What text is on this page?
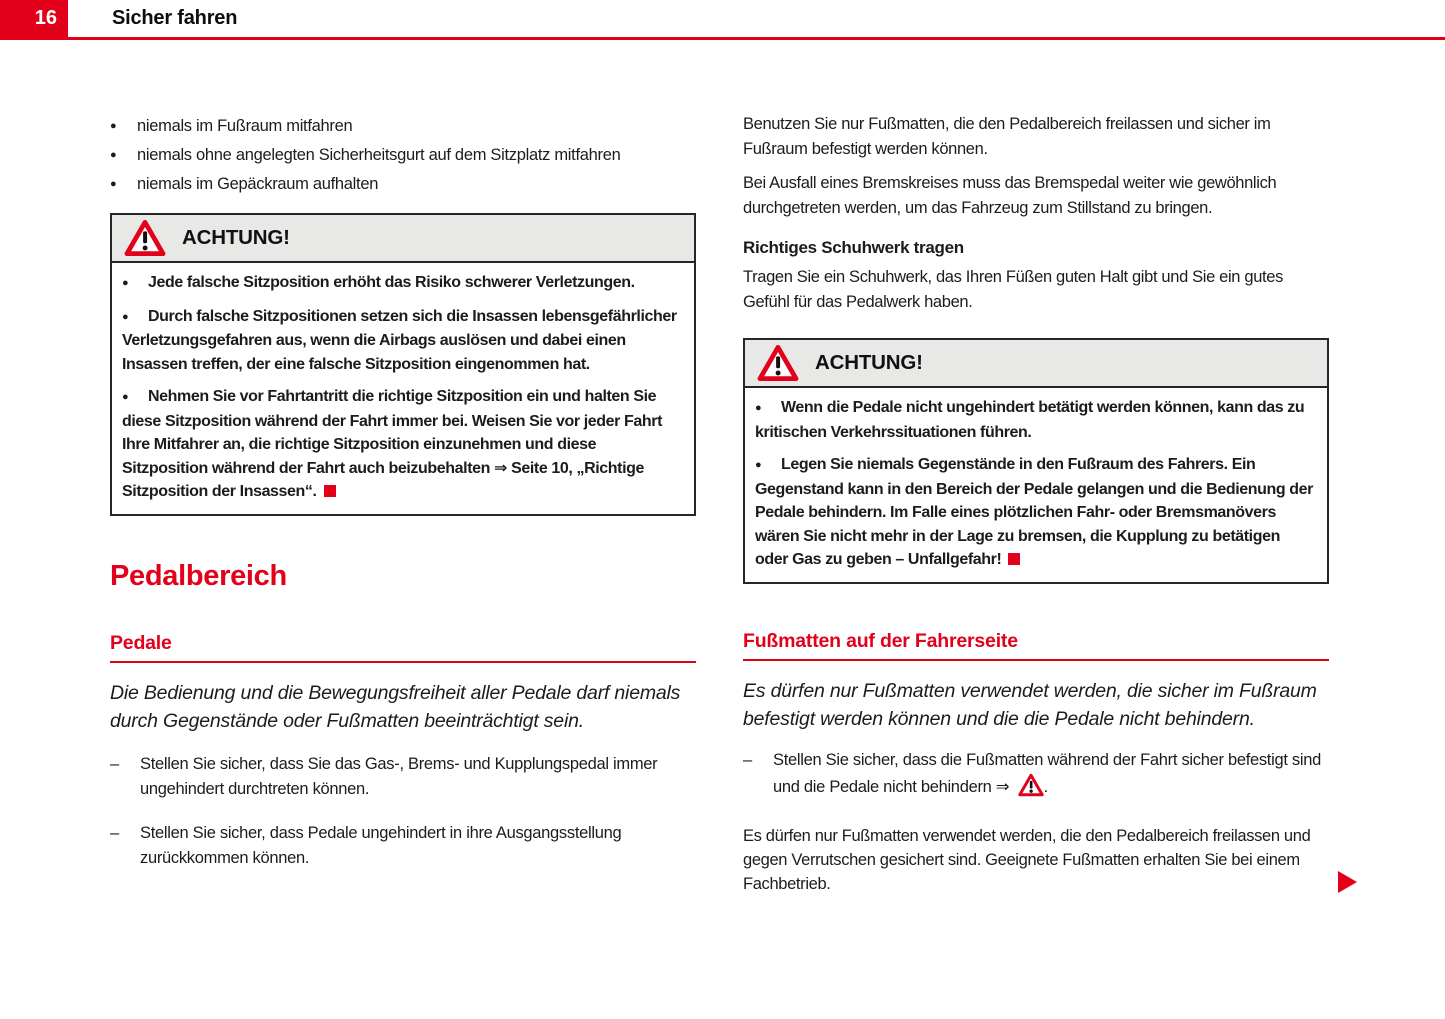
16	Sicher fahren
●	niemals im Fußraum mitfahren
●	niemals ohne angelegten Sicherheitsgurt auf dem Sitzplatz mitfahren
●	niemals im Gepäckraum aufhalten
ACHTUNG!

● Jede falsche Sitzposition erhöht das Risiko schwerer Verletzungen.

● Durch falsche Sitzpositionen setzen sich die Insassen lebensgefährlicher Verletzungsgefahren aus, wenn die Airbags auslösen und dabei einen Insassen treffen, der eine falsche Sitzposition eingenommen hat.

● Nehmen Sie vor Fahrtantritt die richtige Sitzposition ein und halten Sie diese Sitzposition während der Fahrt immer bei. Weisen Sie vor jeder Fahrt Ihre Mitfahrer an, die richtige Sitzposition einzunehmen und diese Sitzposition während der Fahrt auch beizubehalten ⇒ Seite 10, „Richtige Sitzposition der Insassen“.

Pedalbereich
Pedale

Die Bedienung und die Bewegungsfreiheit aller Pedale darf niemals durch Gegenstände oder Fußmatten beeinträchtigt sein.

–	Stellen Sie sicher, dass Sie das Gas-, Brems- und Kupplungspedal immer ungehindert durchtreten können.
–	Stellen Sie sicher, dass Pedale ungehindert in ihre Ausgangsstellung zurückkommen können.

Benutzen Sie nur Fußmatten, die den Pedalbereich freilassen und sicher im Fußraum befestigt werden können.

Bei Ausfall eines Bremskreises muss das Bremspedal weiter wie gewöhnlich durchgetreten werden, um das Fahrzeug zum Stillstand zu bringen.

Richtiges Schuhwerk tragen

Tragen Sie ein Schuhwerk, das Ihren Füßen guten Halt gibt und Sie ein gutes Gefühl für das Pedalwerk haben.

ACHTUNG!

● Wenn die Pedale nicht ungehindert betätigt werden können, kann das zu kritischen Verkehrssituationen führen.

● Legen Sie niemals Gegenstände in den Fußraum des Fahrers. Ein Gegenstand kann in den Bereich der Pedale gelangen und die Bedienung der Pedale behindern. Im Falle eines plötzlichen Fahr- oder Bremsmanövers wären Sie nicht mehr in der Lage zu bremsen, die Kupplung zu betätigen oder Gas zu geben – Unfallgefahr!

Fußmatten auf der Fahrerseite

Es dürfen nur Fußmatten verwendet werden, die sicher im Fußraum befestigt werden können und die die Pedale nicht behindern.

–	Stellen Sie sicher, dass die Fußmatten während der Fahrt sicher befestigt sind und die Pedale nicht behindern ⇒ .

Es dürfen nur Fußmatten verwendet werden, die den Pedalbereich freilassen und gegen Verrutschen gesichert sind. Geeignete Fußmatten erhalten Sie bei einem Fachbetrieb.
